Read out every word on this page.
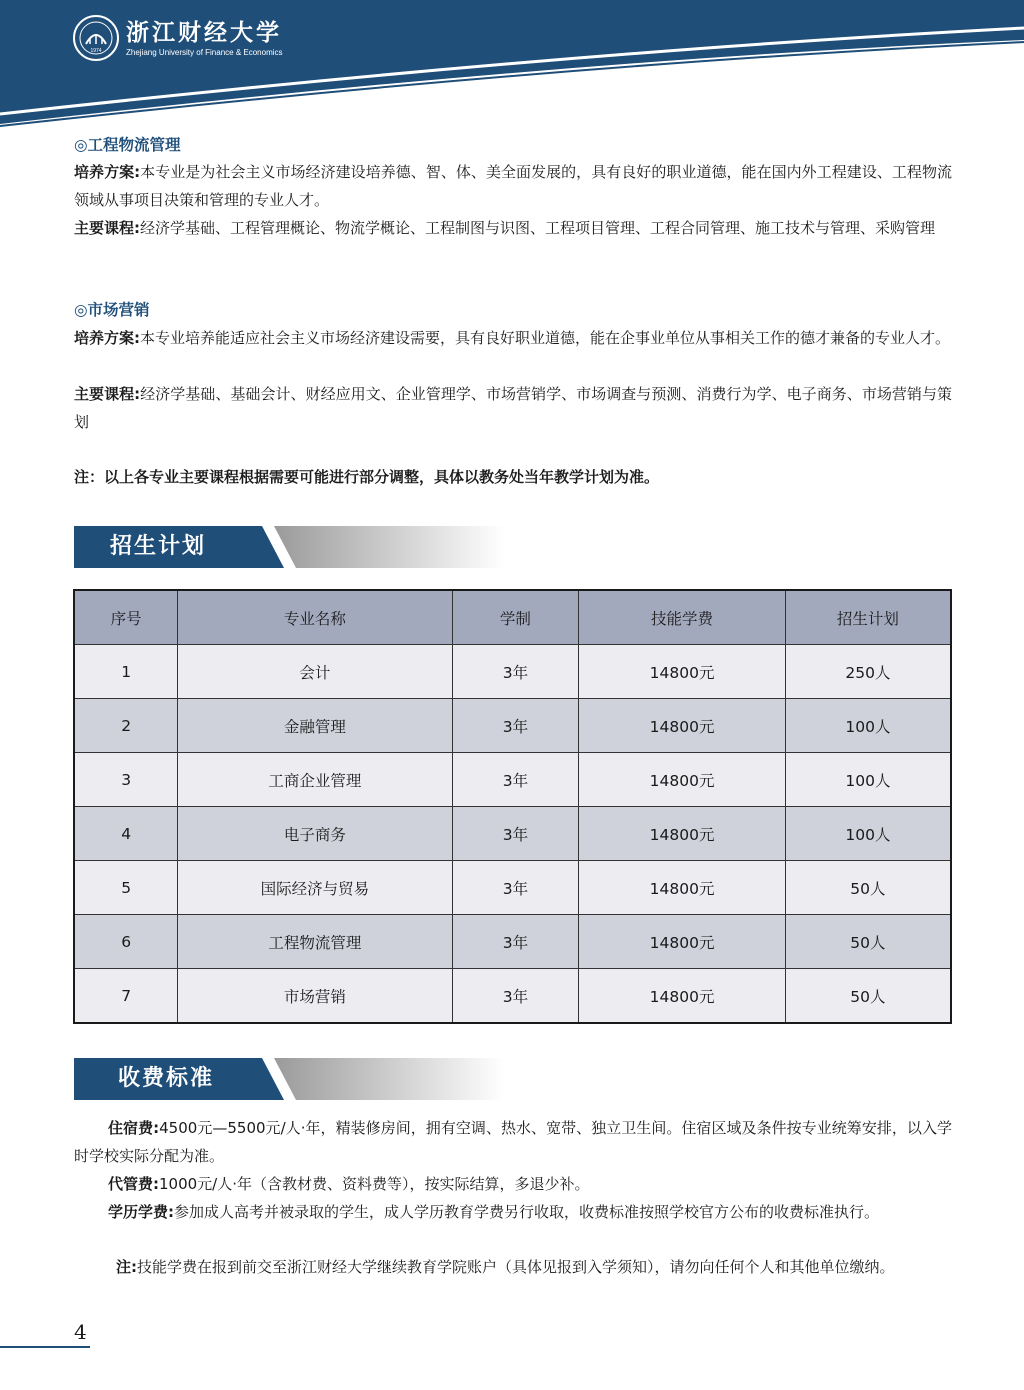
1974
浙江财经大学
Zhejiang University of Finance & Economics
◎工程物流管理
培养方案:本专业是为社会主义市场经济建设培养德、智、体、美全面发展的，具有良好的职业道德，能在国内外工程建设、工程物流领域从事项目决策和管理的专业人才。
主要课程:经济学基础、工程管理概论、物流学概论、工程制图与识图、工程项目管理、工程合同管理、施工技术与管理、采购管理
◎市场营销
培养方案:本专业培养能适应社会主义市场经济建设需要，具有良好职业道德，能在企事业单位从事相关工作的德才兼备的专业人才。
主要课程:经济学基础、基础会计、财经应用文、企业管理学、市场营销学、市场调查与预测、消费行为学、电子商务、市场营销与策划
注：以上各专业主要课程根据需要可能进行部分调整，具体以教务处当年教学计划为准。
招生计划
序号	专业名称	学制	技能学费	招生计划
1	会计	3年	14800元	250人
2	金融管理	3年	14800元	100人
3	工商企业管理	3年	14800元	100人
4	电子商务	3年	14800元	100人
5	国际经济与贸易	3年	14800元	50人
6	工程物流管理	3年	14800元	50人
7	市场营销	3年	14800元	50人
收费标准
住宿费:4500元—5500元/人·年，精装修房间，拥有空调、热水、宽带、独立卫生间。住宿区域及条件按专业统筹安排，以入学时学校实际分配为准。
代管费:1000元/人·年（含教材费、资料费等），按实际结算，多退少补。
学历学费:参加成人高考并被录取的学生，成人学历教育学费另行收取，收费标准按照学校官方公布的收费标准执行。
注:技能学费在报到前交至浙江财经大学继续教育学院账户（具体见报到入学须知），请勿向任何个人和其他单位缴纳。
4
